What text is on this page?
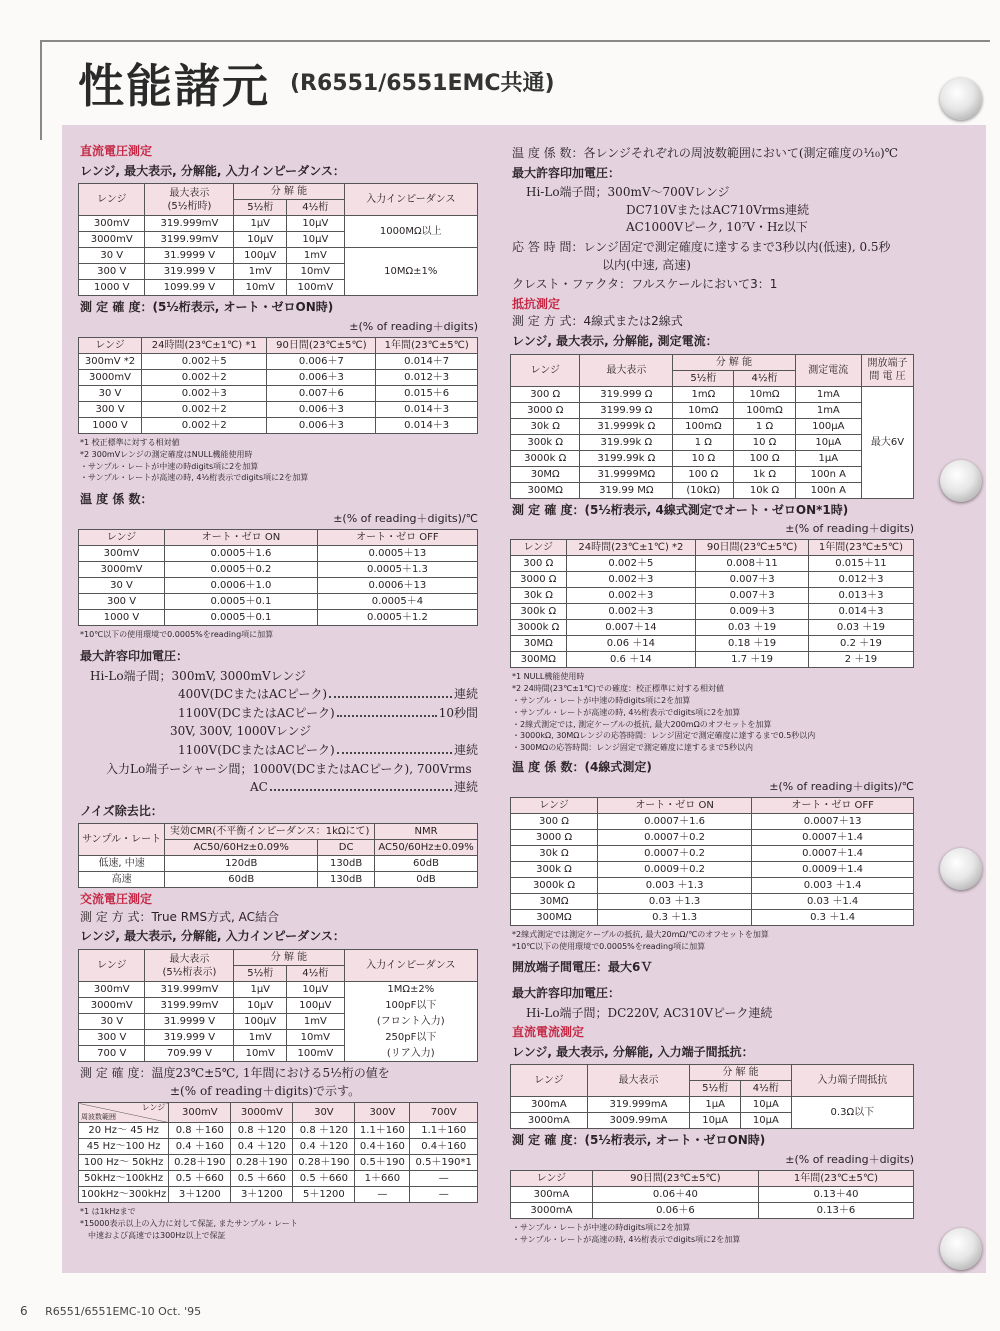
性能諸元 (R6551/6551EMC共通)
直流電圧測定
レンジ, 最大表示, 分解能, 入力インピーダンス：
レンジ	最大表示
(5½桁時)	分 解 能		入力インピーダンス
		5½桁	4½桁	
300mV	319.999mV	1μV	10μV	1000MΩ以上
3000mV	3199.99mV	10μV	10μV	
30 V	31.9999 V	100μV	1mV	10MΩ±1%
300 V	319.999 V	1mV	10mV	
1000 V	1099.99 V	10mV	100mV	
測 定 確 度：(5½桁表示, オート・ゼロON時)
±(% of reading＋digits)
レンジ	24時間(23℃±1℃) *1	90日間(23℃±5℃)	1年間(23℃±5℃)
300mV *2	0.002＋5	0.006＋7	0.014＋7
3000mV	0.002＋2	0.006＋3	0.012＋3
30 V	0.002＋3	0.007＋6	0.015＋6
300 V	0.002＋2	0.006＋3	0.014＋3
1000 V	0.002＋2	0.006＋3	0.014＋3
*1 校正標準に対する相対値
*2 300mVレンジの測定確度はNULL機能使用時
・サンプル・レートが中速の時digits項に2を加算
・サンプル・レートが高速の時, 4½桁表示でdigits項に2を加算
温 度 係 数：
±(% of reading＋digits)/℃
レンジ	オート・ゼロ ON	オート・ゼロ OFF
300mV	0.0005＋1.6	0.0005＋13
3000mV	0.0005＋0.2	0.0005＋1.3
30 V	0.0006＋1.0	0.0006＋13
300 V	0.0005＋0.1	0.0005＋4
1000 V	0.0005＋0.1	0.0005＋1.2
*10℃以下の使用環境で0.0005%をreading項に加算
最大許容印加電圧：
Hi-Lo端子間；300mV, 3000mVレンジ
400V(DCまたはACピーク)	連続
1100V(DCまたはACピーク)	10秒間
30V, 300V, 1000Vレンジ
1100V(DCまたはACピーク)	連続
入力Lo端子ーシャーシ間；1000V(DCまたはACピーク), 700Vrms
AC	連続
ノイズ除去比：
サンプル・レート	実効CMR(不平衡インピーダンス：1kΩにて)		NMR
	AC50/60Hz±0.09%	DC	AC50/60Hz±0.09%
低速, 中速	120dB	130dB	60dB
高速	60dB	130dB	0dB
交流電圧測定
測 定 方 式：True RMS方式, AC結合
レンジ, 最大表示, 分解能, 入力インピーダンス：
レンジ	最大表示
(5½桁表示)	分 解 能		入力インピーダンス
		5½桁	4½桁	
300mV	319.999mV	1μV	10μV	1MΩ±2%
3000mV	3199.99mV	10μV	100μV	100pF以下
30 V	31.9999 V	100μV	1mV	(フロント入力)
300 V	319.999 V	1mV	10mV	250pF以下
700 V	709.99 V	10mV	100mV	(リア入力)
測 定 確 度：温度23℃±5℃, 1年間における5½桁の値を
±(% of reading＋digits)で示す。
レンジ
周波数範囲	300mV	3000mV	30V	300V	700V
20 Hz〜 45 Hz	0.8 ＋160	0.8 ＋120	0.8 ＋120	1.1＋160	1.1＋160
45 Hz〜100 Hz	0.4 ＋160	0.4 ＋120	0.4 ＋120	0.4＋160	0.4＋160
100 Hz〜 50kHz	0.28＋190	0.28＋190	0.28＋190	0.5＋190	0.5＋190*1
50kHz〜100kHz	0.5 ＋660	0.5 ＋660	0.5 ＋660	1＋660	—
100kHz〜300kHz	3＋1200	3＋1200	5＋1200	—	—
*1 は1kHzまで
*15000表示以上の入力に対して保証, またサンプル・レート
中速および高速では300Hz以上で保証
温 度 係 数：各レンジそれぞれの周波数範囲において(測定確度の⅒)℃
最大許容印加電圧：
Hi-Lo端子間；300mV〜700Vレンジ
DC710VまたはAC710Vrms連続
AC1000Vピーク, 10⁷V・Hz以下
応 答 時 間：レンジ固定で測定確度に達するまで3秒以内(低速), 0.5秒
以内(中速, 高速)
クレスト・ファクタ：フルスケールにおいて3：1
抵抗測定
測 定 方 式：4線式または2線式
レンジ, 最大表示, 分解能, 測定電流：
レンジ	最大表示	分 解 能		測定電流	開放端子間 電 圧
		5½桁	4½桁		
300 Ω	319.999 Ω	1mΩ	10mΩ	1mA	最大6V
3000 Ω	3199.99 Ω	10mΩ	100mΩ	1mA	
30k Ω	31.9999k Ω	100mΩ	1 Ω	100μA	
300k Ω	319.99k Ω	1 Ω	10 Ω	10μA	
3000k Ω	3199.99k Ω	10 Ω	100 Ω	1μA	
30MΩ	31.9999MΩ	100 Ω	1k Ω	100n A	
300MΩ	319.99 MΩ	(10kΩ)	10k Ω	100n A	
測 定 確 度：(5½桁表示, 4線式測定でオート・ゼロON*1時)
±(% of reading＋digits)
レンジ	24時間(23℃±1℃) *2	90日間(23℃±5℃)	1年間(23℃±5℃)
300 Ω	0.002＋5	0.008＋11	0.015＋11
3000 Ω	0.002＋3	0.007＋3	0.012＋3
30k Ω	0.002＋3	0.007＋3	0.013＋3
300k Ω	0.002＋3	0.009＋3	0.014＋3
3000k Ω	0.007＋14	0.03 ＋19	0.03 ＋19
30MΩ	0.06 ＋14	0.18 ＋19	0.2 ＋19
300MΩ	0.6 ＋14	1.7 ＋19	2 ＋19
*1 NULL機能使用時
*2 24時間(23℃±1℃)での確度：校正標準に対する相対値
・サンプル・レートが中速の時digits項に2を加算
・サンプル・レートが高速の時, 4½桁表示でdigits項に2を加算
・2線式測定では, 測定ケーブルの抵抗, 最大200mΩのオフセットを加算
・3000kΩ, 30MΩレンジの応答時間：レンジ固定で測定確度に達するまで0.5秒以内
・300MΩの応答時間：レンジ固定で測定確度に達するまで5秒以内
温 度 係 数：(4線式測定)
±(% of reading＋digits)/℃
レンジ	オート・ゼロ ON	オート・ゼロ OFF
300 Ω	0.0007＋1.6	0.0007＋13
3000 Ω	0.0007＋0.2	0.0007＋1.4
30k Ω	0.0007＋0.2	0.0007＋1.4
300k Ω	0.0009＋0.2	0.0009＋1.4
3000k Ω	0.003 ＋1.3	0.003 ＋1.4
30MΩ	0.03 ＋1.3	0.03 ＋1.4
300MΩ	0.3 ＋1.3	0.3 ＋1.4
*2線式測定では測定ケーブルの抵抗, 最大20mΩ/℃のオフセットを加算
*10℃以下の使用環境で0.0005%をreading項に加算
開放端子間電圧：最大6Ｖ
最大許容印加電圧：
Hi-Lo端子間；DC220V, AC310Vピーク連続
直流電流測定
レンジ, 最大表示, 分解能, 入力端子間抵抗：
レンジ	最大表示	分 解 能		入力端子間抵抗
		5½桁	4½桁	
300mA	319.999mA	1μA	10μA	0.3Ω以下
3000mA	3009.99mA	10μA	10μA	
測 定 確 度：(5½桁表示, オート・ゼロON時)
±(% of reading＋digits)
レンジ	90日間(23℃±5℃)	1年間(23℃±5℃)
300mA	0.06＋40	0.13＋40
3000mA	0.06＋6	0.13＋6
・サンプル・レートが中速の時digits項に2を加算
・サンプル・レートが高速の時, 4½桁表示でdigits項に2を加算
6 R6551/6551EMC-10 Oct. '95
